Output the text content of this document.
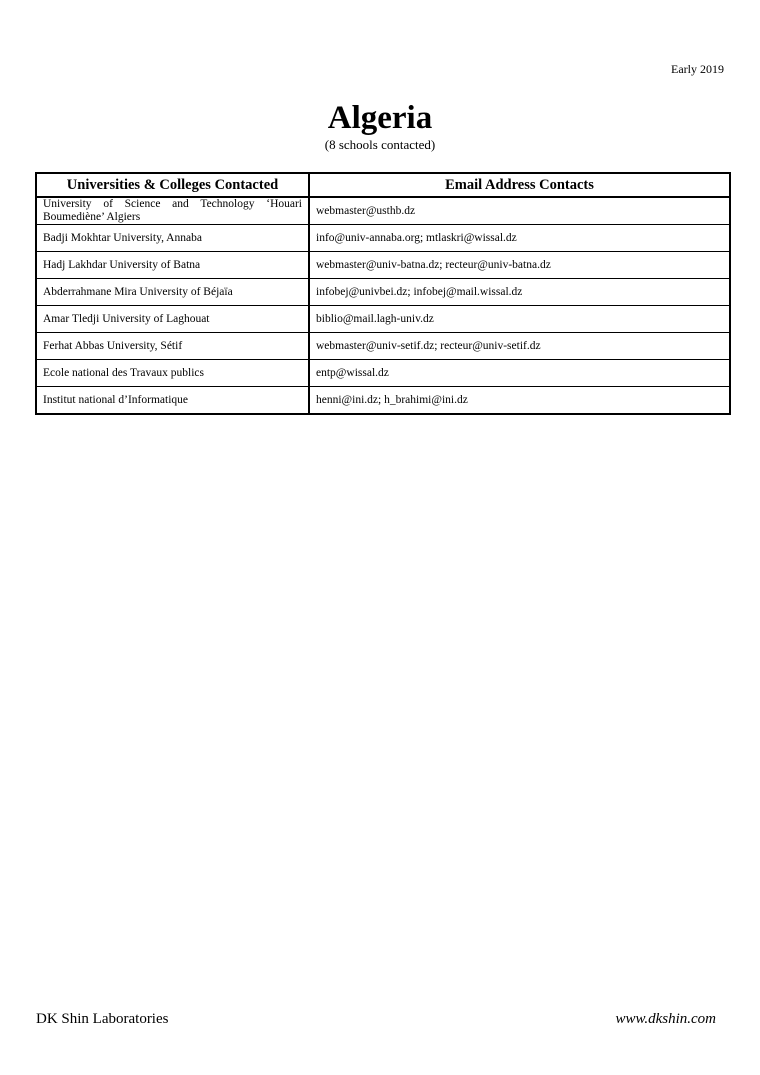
Early 2019
Algeria
(8 schools contacted)
Universities & Colleges Contacted	Email Address Contacts
University of Science and Technology ‘Houari Boumediène’ Algiers	webmaster@usthb.dz
Badji Mokhtar University, Annaba	info@univ-annaba.org; mtlaskri@wissal.dz
Hadj Lakhdar University of Batna	webmaster@univ-batna.dz; recteur@univ-batna.dz
Abderrahmane Mira University of Béjaïa	infobej@univbei.dz; infobej@mail.wissal.dz
Amar Tledji University of Laghouat	biblio@mail.lagh-univ.dz
Ferhat Abbas University, Sétif	webmaster@univ-setif.dz; recteur@univ-setif.dz
Ecole national des Travaux publics	entp@wissal.dz
Institut national d’Informatique	henni@ini.dz; h_brahimi@ini.dz
DK Shin Laboratories	www.dkshin.com
